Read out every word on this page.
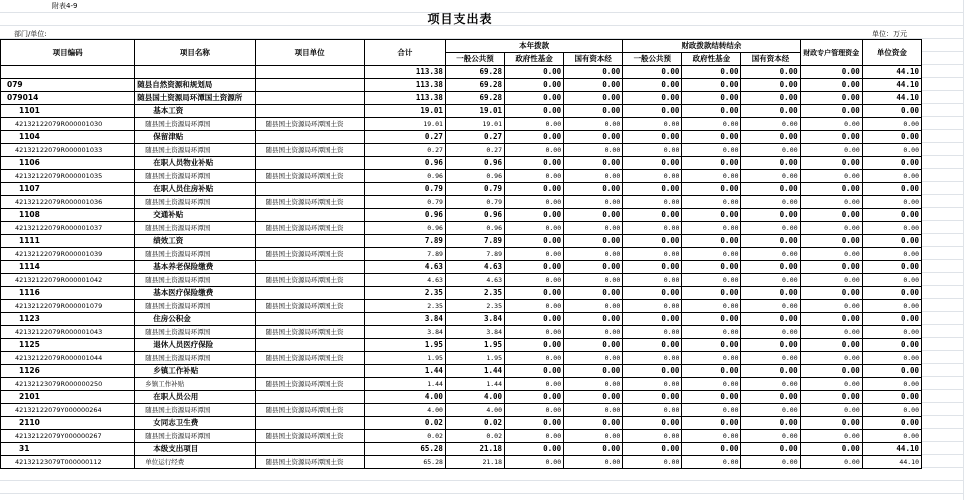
附表4-9
项目支出表
部门/单位:	单位：万元
项目编码	项目名称	项目单位	合计	本年拨款			财政拨款结转结余			财政专户管理资金	单位资金
				一般公共预	政府性基金	国有资本经	一般公共预	政府性基金	国有资本经		
			113.38	69.28	0.00	0.00	0.00	0.00	0.00	0.00	44.10
079	随县自然资源和规划局		113.38	69.28	0.00	0.00	0.00	0.00	0.00	0.00	44.10
079014	随县国土资源局环潭国土资源所		113.38	69.28	0.00	0.00	0.00	0.00	0.00	0.00	44.10
1101	基本工资		19.01	19.01	0.00	0.00	0.00	0.00	0.00	0.00	0.00
42132122079R000001030	随县国土资源局环潭国	随县国土资源局环潭国土资	19.01	19.01	0.00	0.00	0.00	0.00	0.00	0.00	0.00
1104	保留津贴		0.27	0.27	0.00	0.00	0.00	0.00	0.00	0.00	0.00
42132122079R000001033	随县国土资源局环潭国	随县国土资源局环潭国土资	0.27	0.27	0.00	0.00	0.00	0.00	0.00	0.00	0.00
1106	在职人员物业补贴		0.96	0.96	0.00	0.00	0.00	0.00	0.00	0.00	0.00
42132122079R000001035	随县国土资源局环潭国	随县国土资源局环潭国土资	0.96	0.96	0.00	0.00	0.00	0.00	0.00	0.00	0.00
1107	在职人员住房补贴		0.79	0.79	0.00	0.00	0.00	0.00	0.00	0.00	0.00
42132122079R000001036	随县国土资源局环潭国	随县国土资源局环潭国土资	0.79	0.79	0.00	0.00	0.00	0.00	0.00	0.00	0.00
1108	交通补贴		0.96	0.96	0.00	0.00	0.00	0.00	0.00	0.00	0.00
42132122079R000001037	随县国土资源局环潭国	随县国土资源局环潭国土资	0.96	0.96	0.00	0.00	0.00	0.00	0.00	0.00	0.00
1111	绩效工资		7.89	7.89	0.00	0.00	0.00	0.00	0.00	0.00	0.00
42132122079R000001039	随县国土资源局环潭国	随县国土资源局环潭国土资	7.89	7.89	0.00	0.00	0.00	0.00	0.00	0.00	0.00
1114	基本养老保险缴费		4.63	4.63	0.00	0.00	0.00	0.00	0.00	0.00	0.00
42132122079R000001042	随县国土资源局环潭国	随县国土资源局环潭国土资	4.63	4.63	0.00	0.00	0.00	0.00	0.00	0.00	0.00
1116	基本医疗保险缴费		2.35	2.35	0.00	0.00	0.00	0.00	0.00	0.00	0.00
42132122079R000001079	随县国土资源局环潭国	随县国土资源局环潭国土资	2.35	2.35	0.00	0.00	0.00	0.00	0.00	0.00	0.00
1123	住房公积金		3.84	3.84	0.00	0.00	0.00	0.00	0.00	0.00	0.00
42132122079R000001043	随县国土资源局环潭国	随县国土资源局环潭国土资	3.84	3.84	0.00	0.00	0.00	0.00	0.00	0.00	0.00
1125	退休人员医疗保险		1.95	1.95	0.00	0.00	0.00	0.00	0.00	0.00	0.00
42132122079R000001044	随县国土资源局环潭国	随县国土资源局环潭国土资	1.95	1.95	0.00	0.00	0.00	0.00	0.00	0.00	0.00
1126	乡镇工作补贴		1.44	1.44	0.00	0.00	0.00	0.00	0.00	0.00	0.00
42132123079R000000250	乡镇工作补贴	随县国土资源局环潭国土资	1.44	1.44	0.00	0.00	0.00	0.00	0.00	0.00	0.00
2101	在职人员公用		4.00	4.00	0.00	0.00	0.00	0.00	0.00	0.00	0.00
42132122079Y000000264	随县国土资源局环潭国	随县国土资源局环潭国土资	4.00	4.00	0.00	0.00	0.00	0.00	0.00	0.00	0.00
2110	女同志卫生费		0.02	0.02	0.00	0.00	0.00	0.00	0.00	0.00	0.00
42132122079Y000000267	随县国土资源局环潭国	随县国土资源局环潭国土资	0.02	0.02	0.00	0.00	0.00	0.00	0.00	0.00	0.00
31	本级支出项目		65.28	21.18	0.00	0.00	0.00	0.00	0.00	0.00	44.10
42132123079T000000112	单位运行经费	随县国土资源局环潭国土资	65.28	21.18	0.00	0.00	0.00	0.00	0.00	0.00	44.10
